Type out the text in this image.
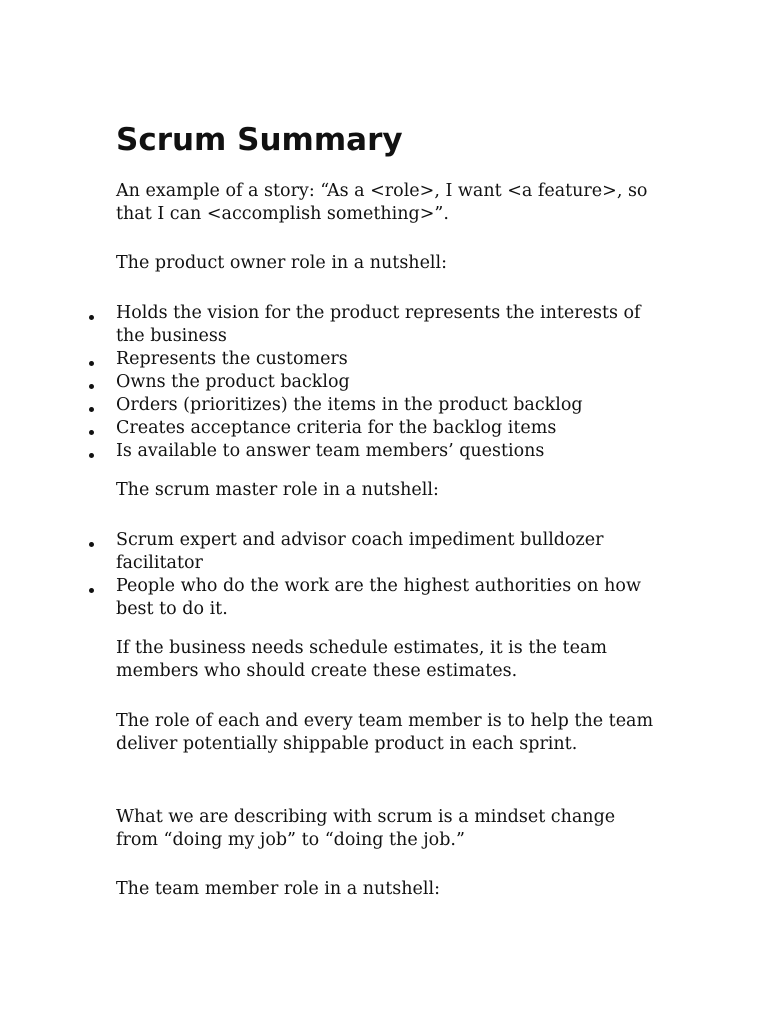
Scrum Summary

An example of a story: “As a <role>, I want <a feature>, so that I can <accomplish something>”.

The product owner role in a nutshell:

Holds the vision for the product represents the interests of the business
Represents the customers
Owns the product backlog
Orders (prioritizes) the items in the product backlog
Creates acceptance criteria for the backlog items
Is available to answer team members’ questions

The scrum master role in a nutshell:

Scrum expert and advisor coach impediment bulldozer facilitator
People who do the work are the highest authorities on how best to do it.

If the business needs schedule estimates, it is the team members who should create these estimates.

The role of each and every team member is to help the team deliver potentially shippable product in each sprint.

What we are describing with scrum is a mindset change from “doing my job” to “doing the job.”

The team member role in a nutshell:
